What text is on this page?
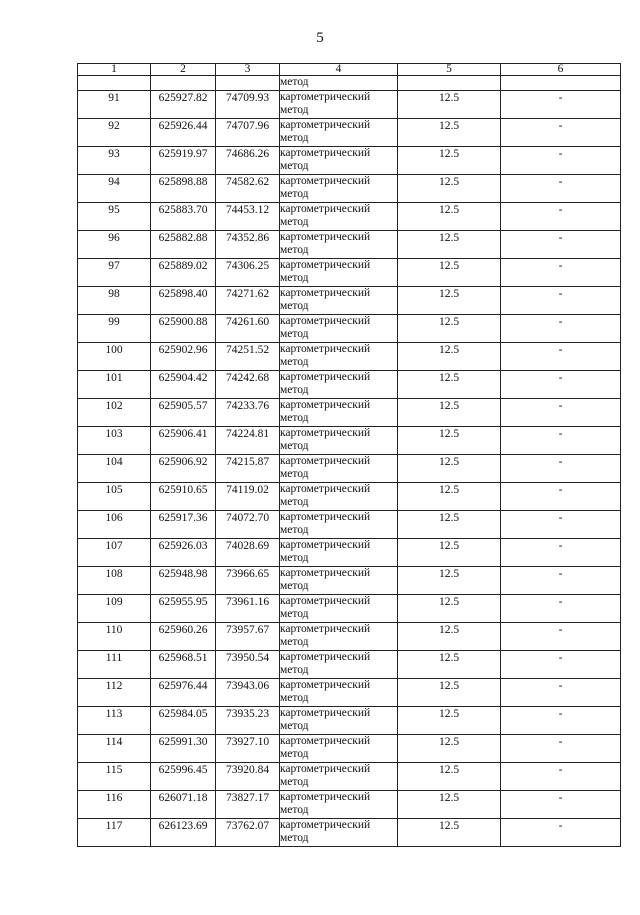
5
1	2	3	4	5	6
			метод		
91	625927.82	74709.93	картометрический
метод	12.5	-
92	625926.44	74707.96	картометрический
метод	12.5	-
93	625919.97	74686.26	картометрический
метод	12.5	-
94	625898.88	74582.62	картометрический
метод	12.5	-
95	625883.70	74453.12	картометрический
метод	12.5	-
96	625882.88	74352.86	картометрический
метод	12.5	-
97	625889.02	74306.25	картометрический
метод	12.5	-
98	625898.40	74271.62	картометрический
метод	12.5	-
99	625900.88	74261.60	картометрический
метод	12.5	-
100	625902.96	74251.52	картометрический
метод	12.5	-
101	625904.42	74242.68	картометрический
метод	12.5	-
102	625905.57	74233.76	картометрический
метод	12.5	-
103	625906.41	74224.81	картометрический
метод	12.5	-
104	625906.92	74215.87	картометрический
метод	12.5	-
105	625910.65	74119.02	картометрический
метод	12.5	-
106	625917.36	74072.70	картометрический
метод	12.5	-
107	625926.03	74028.69	картометрический
метод	12.5	-
108	625948.98	73966.65	картометрический
метод	12.5	-
109	625955.95	73961.16	картометрический
метод	12.5	-
110	625960.26	73957.67	картометрический
метод	12.5	-
111	625968.51	73950.54	картометрический
метод	12.5	-
112	625976.44	73943.06	картометрический
метод	12.5	-
113	625984.05	73935.23	картометрический
метод	12.5	-
114	625991.30	73927.10	картометрический
метод	12.5	-
115	625996.45	73920.84	картометрический
метод	12.5	-
116	626071.18	73827.17	картометрический
метод	12.5	-
117	626123.69	73762.07	картометрический
метод	12.5	-
